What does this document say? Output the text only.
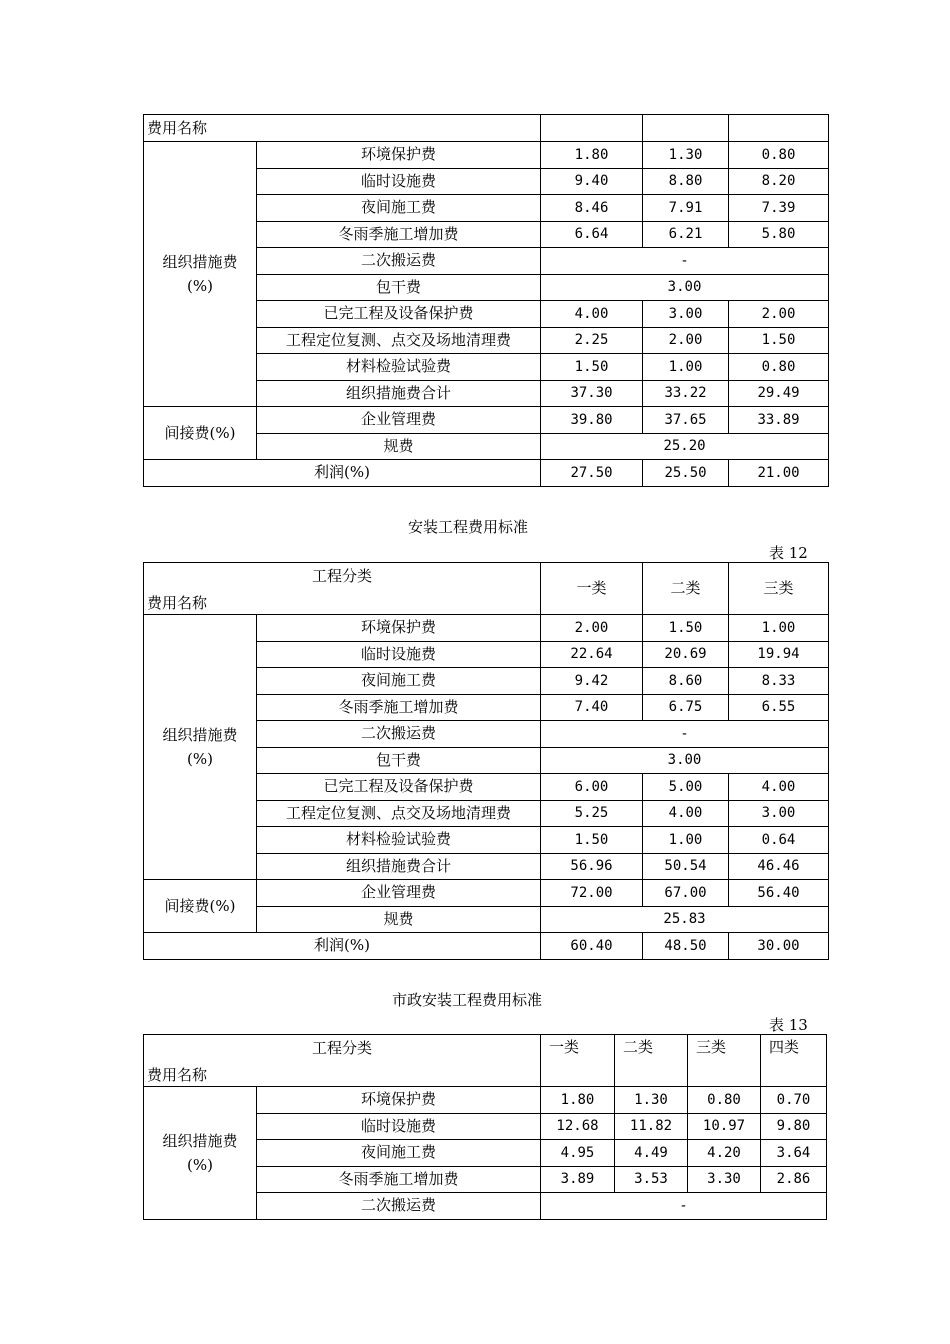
费用名称				

组织措施费
(%)	环境保护费	1.80	1.30	0.80
	临时设施费	9.40	8.80	8.20
	夜间施工费	8.46	7.91	7.39
	冬雨季施工增加费	6.64	6.21	5.80
	二次搬运费	-		
	包干费	3.00		
	已完工程及设备保护费	4.00	3.00	2.00
	工程定位复测、点交及场地清理费	2.25	2.00	1.50
	材料检验试验费	1.50	1.00	0.80
	组织措施费合计	37.30	33.22	29.49
间接费(%)	企业管理费	39.80	37.65	33.89
	规费	25.20		
利润(%)		27.50	25.50	21.00
安装工程费用标准
表 12
工程分类
费用名称		一类	二类	三类

组织措施费
(%)	环境保护费	2.00	1.50	1.00
	临时设施费	22.64	20.69	19.94
	夜间施工费	9.42	8.60	8.33
	冬雨季施工增加费	7.40	6.75	6.55
	二次搬运费	-		
	包干费	3.00		
	已完工程及设备保护费	6.00	5.00	4.00
	工程定位复测、点交及场地清理费	5.25	4.00	3.00
	材料检验试验费	1.50	1.00	0.64
	组织措施费合计	56.96	50.54	46.46
间接费(%)	企业管理费	72.00	67.00	56.40
	规费	25.83		
利润(%)		60.40	48.50	30.00
市政安装工程费用标准
表 13
工程分类
费用名称		一类	二类	三类	四类

组织措施费
(%)	环境保护费	1.80	1.30	0.80	0.70
	临时设施费	12.68	11.82	10.97	9.80
	夜间施工费	4.95	4.49	4.20	3.64
	冬雨季施工增加费	3.89	3.53	3.30	2.86
	二次搬运费	-			
